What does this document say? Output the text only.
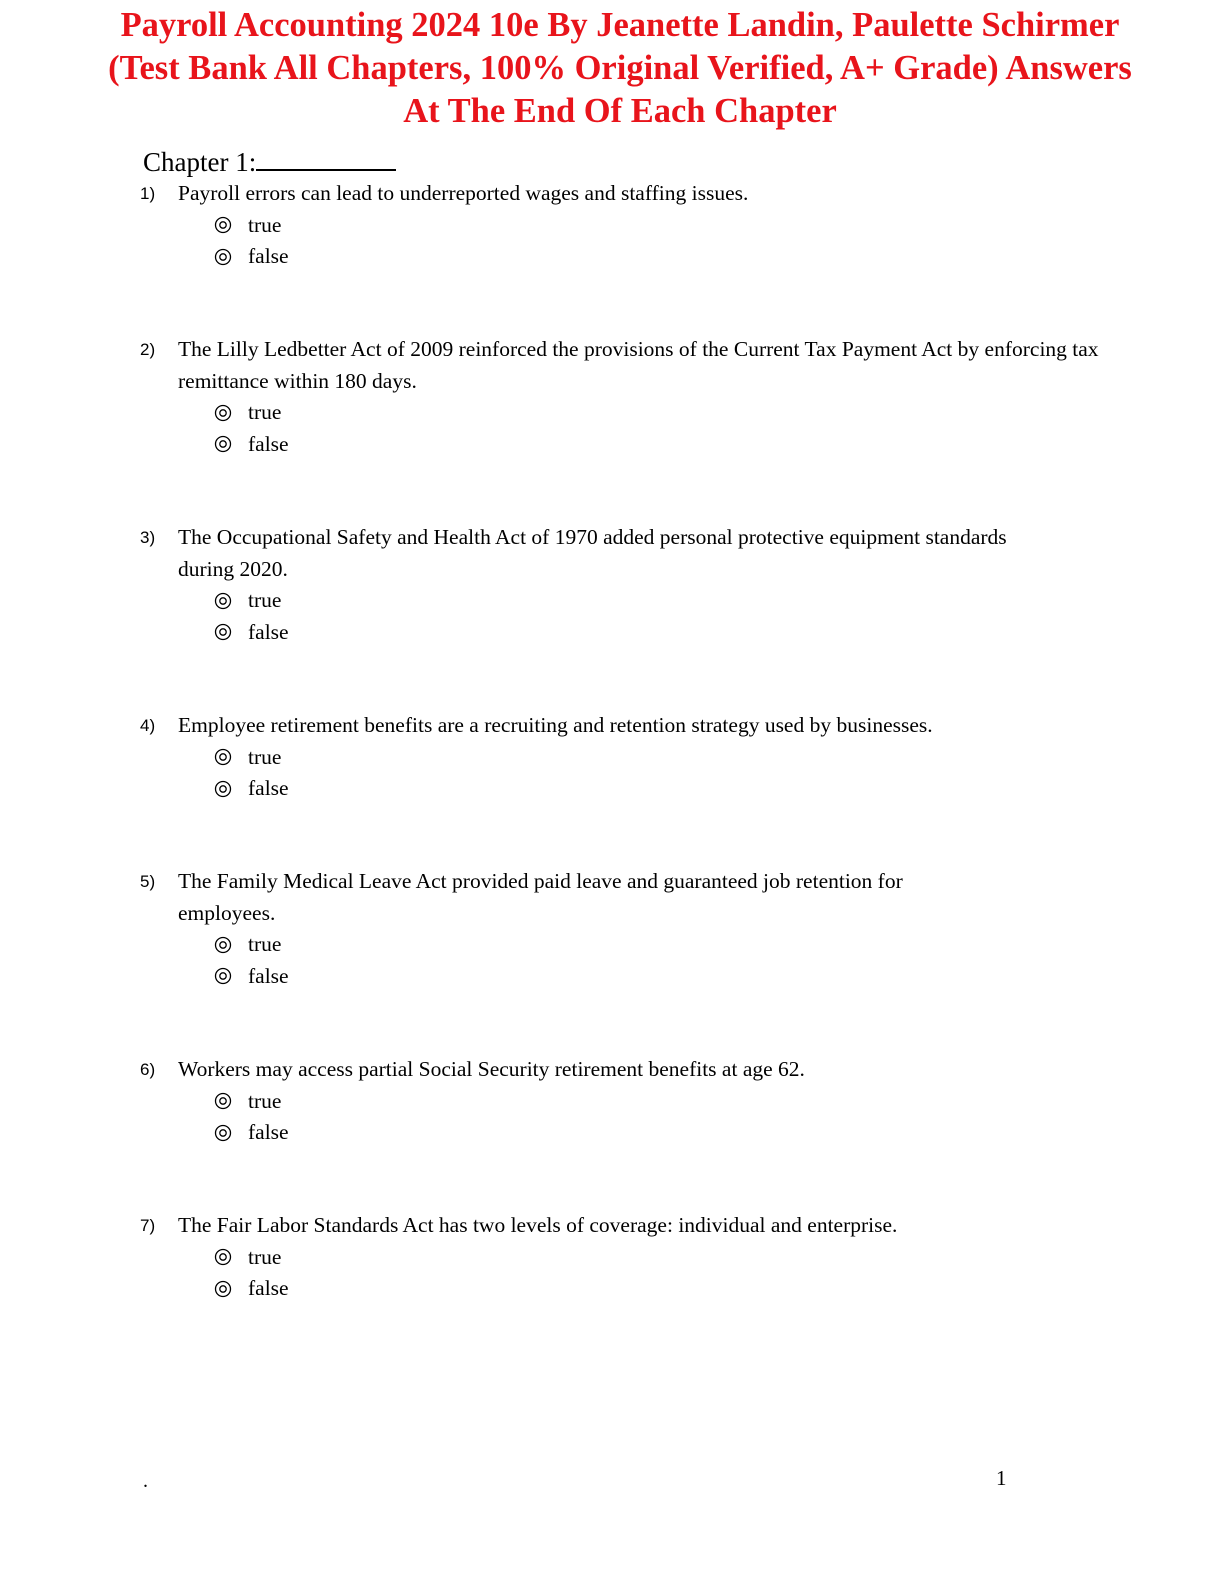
Payroll Accounting 2024 10e By Jeanette Landin, Paulette Schirmer
(Test Bank All Chapters, 100% Original Verified, A+ Grade) Answers
At The End Of Each Chapter
Chapter 1:
1) Payroll errors can lead to underreported wages and staffing issues.
true
false
2) The Lilly Ledbetter Act of 2009 reinforced the provisions of the Current Tax Payment Act by enforcing tax remittance within 180 days.
true
false
3) The Occupational Safety and Health Act of 1970 added personal protective equipment standards during 2020.
true
false
4) Employee retirement benefits are a recruiting and retention strategy used by businesses.
true
false
5) The Family Medical Leave Act provided paid leave and guaranteed job retention for employees.
true
false
6) Workers may access partial Social Security retirement benefits at age 62.
true
false
7) The Fair Labor Standards Act has two levels of coverage: individual and enterprise.
true
false
.	1
